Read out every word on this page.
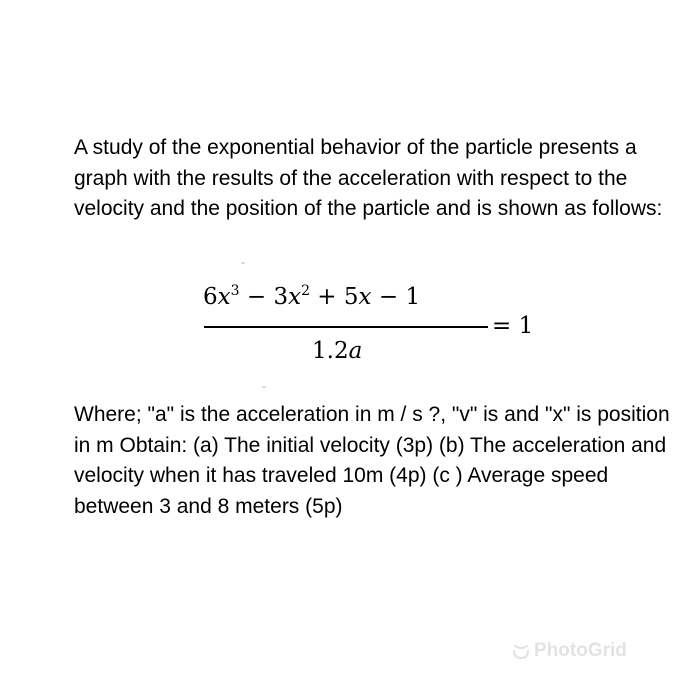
A study of the exponential behavior of the particle presents a graph with the results of the acceleration with respect to the velocity and the position of the particle and is shown as follows:

$6x^3 - 3x^2 + 5x - 1$
1.2a
= 1

Where; "a" is the acceleration in m / s ?, "v" is and "x" is position in m Obtain: (a) The initial velocity (3p) (b) The acceleration and velocity when it has traveled 10m (4p) (c ) Average speed between 3 and 8 meters (5p)

PhotoGrid
